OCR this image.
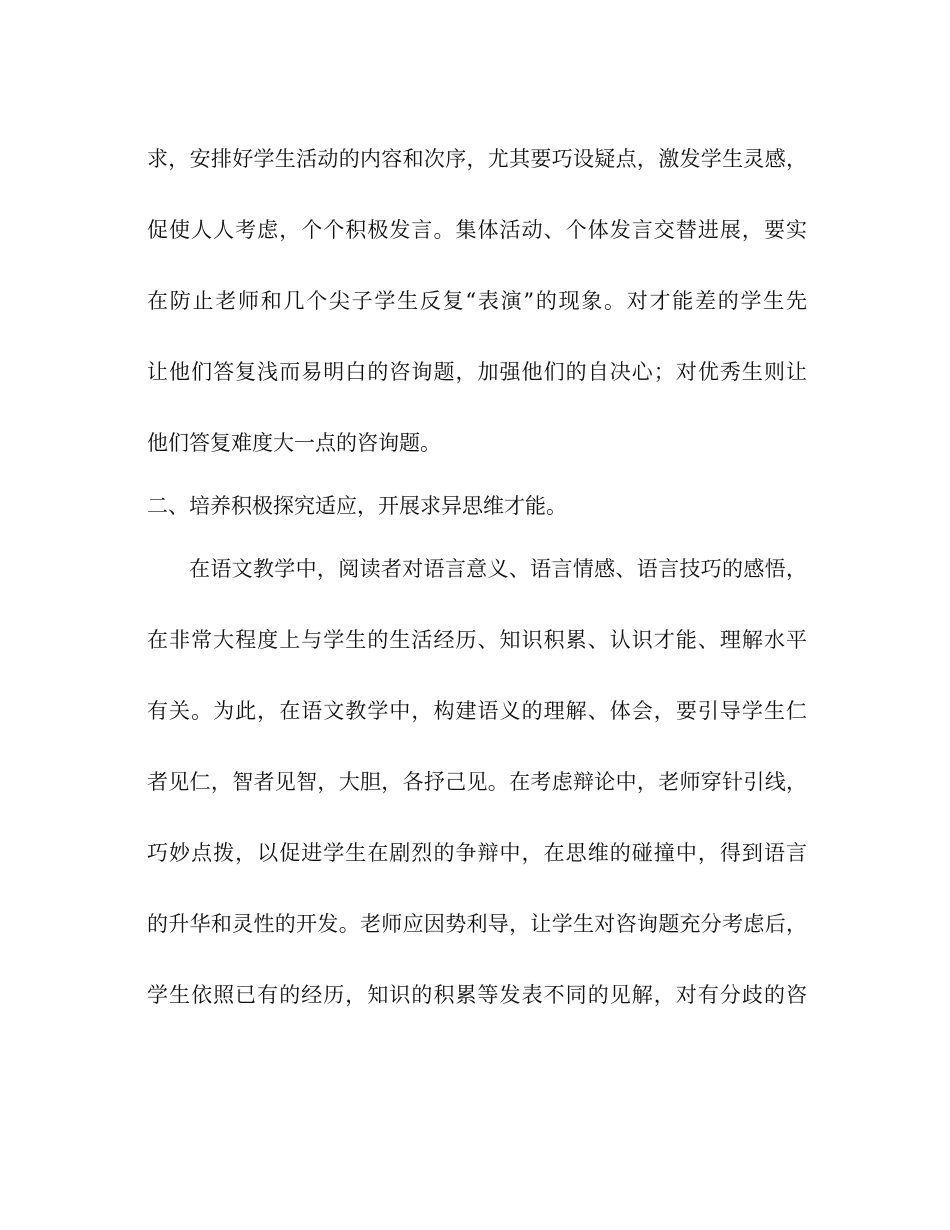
求，安排好学生活动的内容和次序，尤其要巧设疑点，激发学生灵感，
促使人人考虑，个个积极发言。集体活动、个体发言交替进展，要实
在防止老师和几个尖子学生反复“表演”的现象。对才能差的学生先
让他们答复浅而易明白的咨询题，加强他们的自决心；对优秀生则让
他们答复难度大一点的咨询题。
二、培养积极探究适应，开展求异思维才能。
在语文教学中，阅读者对语言意义、语言情感、语言技巧的感悟，
在非常大程度上与学生的生活经历、知识积累、认识才能、理解水平
有关。为此，在语文教学中，构建语义的理解、体会，要引导学生仁
者见仁，智者见智，大胆，各抒己见。在考虑辩论中，老师穿针引线，
巧妙点拨，以促进学生在剧烈的争辩中，在思维的碰撞中，得到语言
的升华和灵性的开发。老师应因势利导，让学生对咨询题充分考虑后，
学生依照已有的经历，知识的积累等发表不同的见解，对有分歧的咨
